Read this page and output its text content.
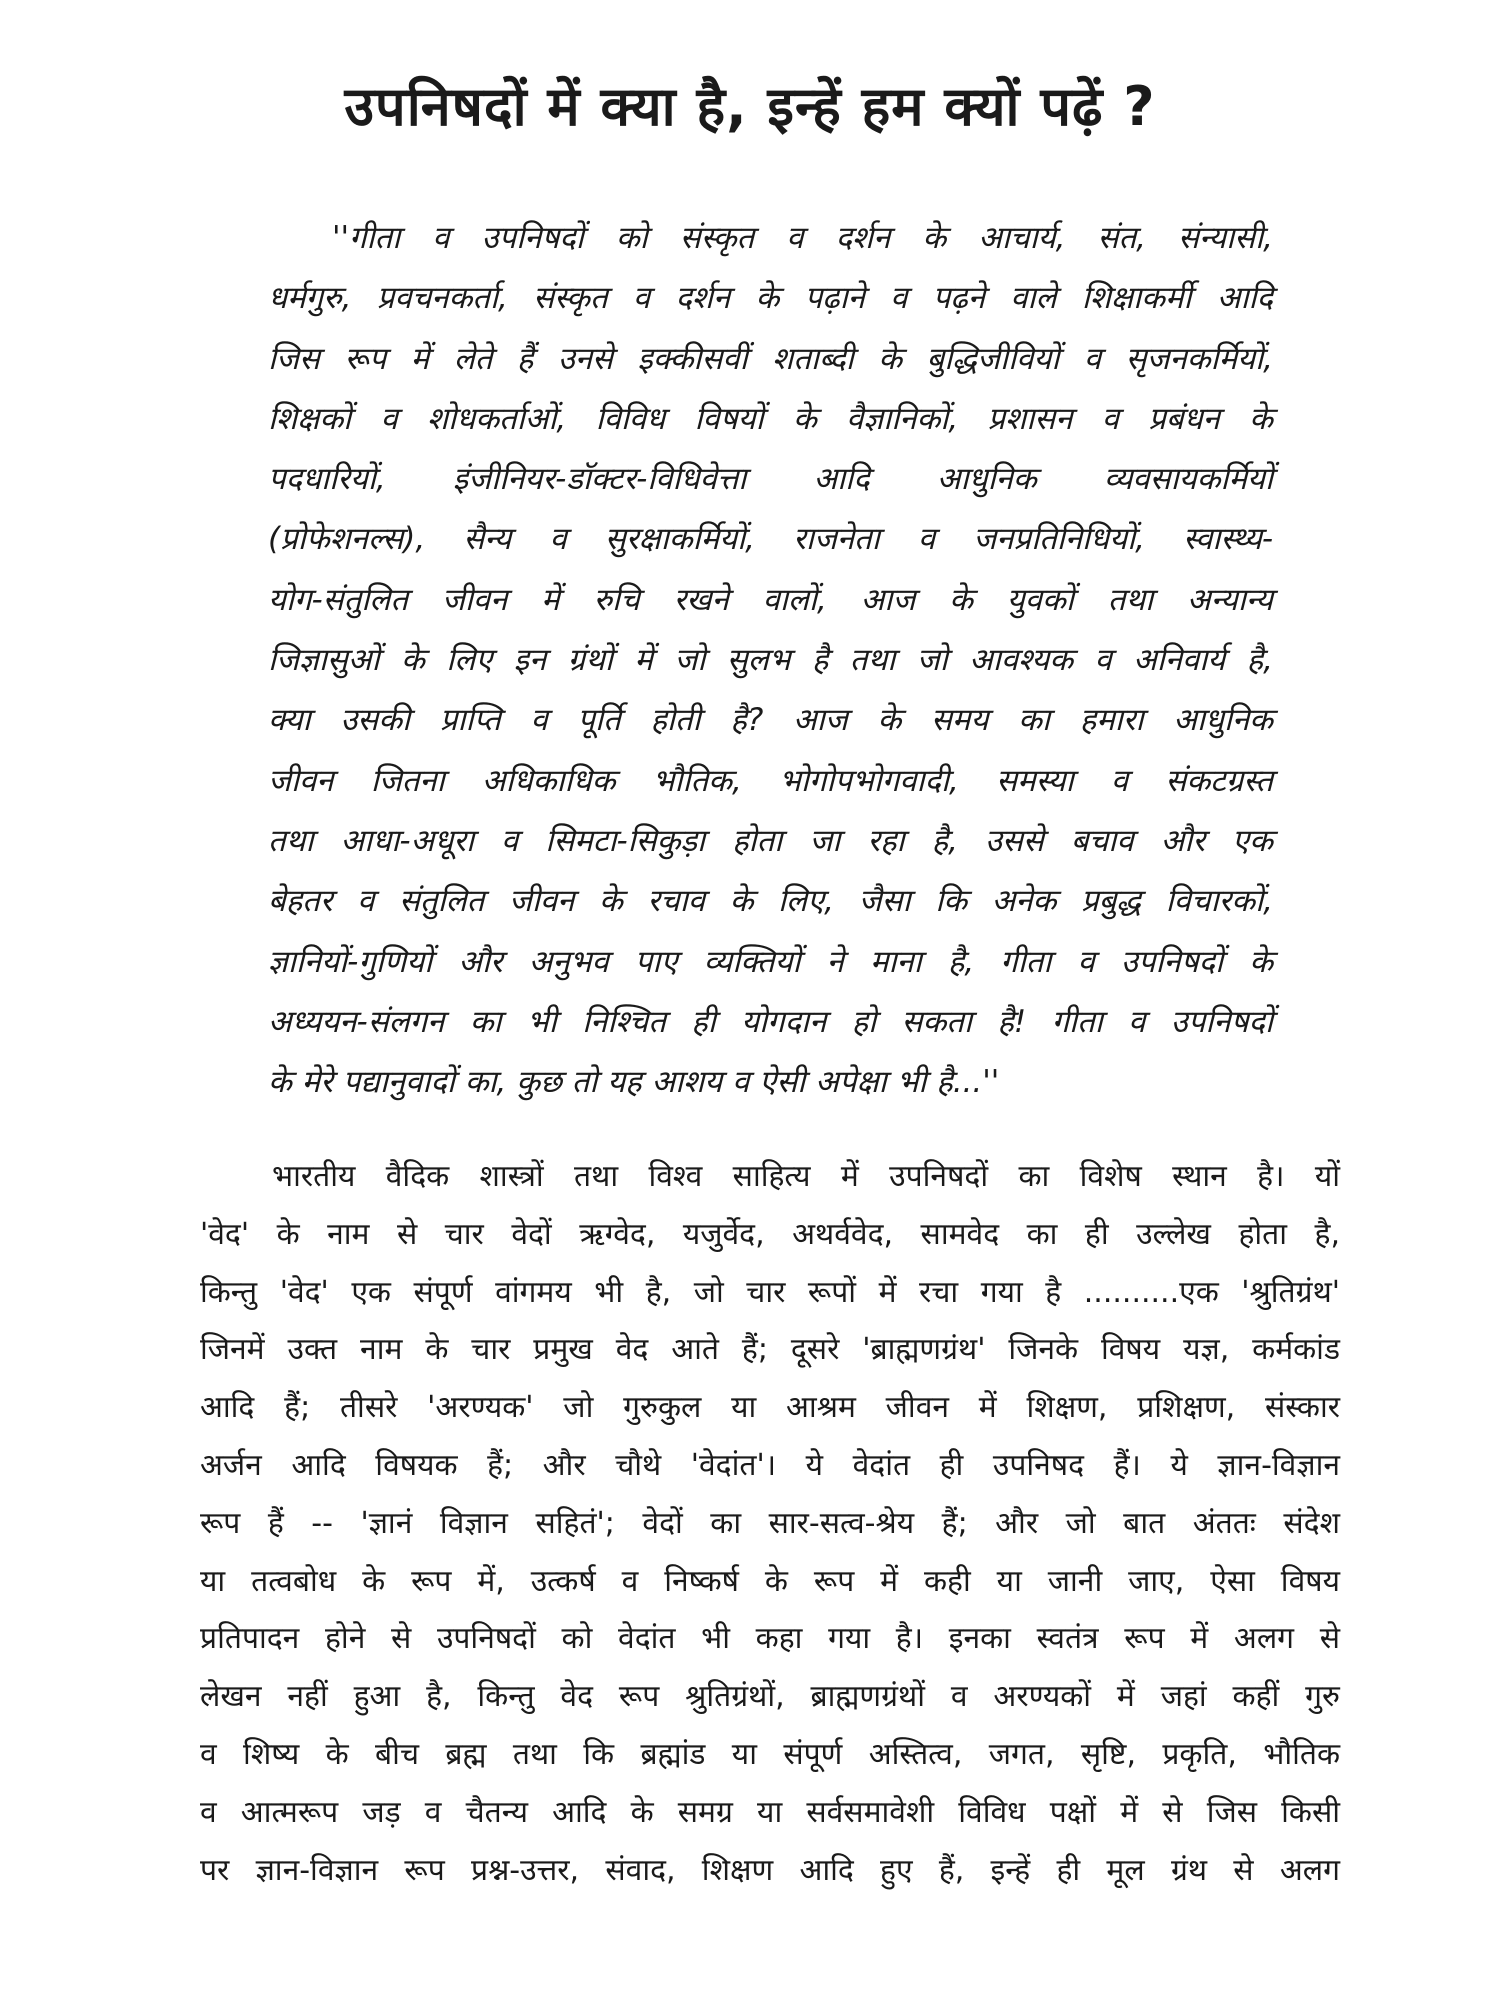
उपनिषदों में क्या है, इन्हें हम क्यों पढ़ें ?
''गीता व उपनिषदों को संस्कृत व दर्शन के आचार्य, संत, संन्यासी,
धर्मगुरु, प्रवचनकर्ता, संस्कृत व दर्शन के पढ़ाने व पढ़ने वाले शिक्षाकर्मी आदि
जिस रूप में लेते हैं उनसे इक्कीसवीं शताब्दी के बुद्धिजीवियों व सृजनकर्मियों,
शिक्षकों व शोधकर्ताओं, विविध विषयों के वैज्ञानिकों, प्रशासन व प्रबंधन के
पदधारियों, इंजीनियर-डॉक्टर-विधिवेत्ता आदि आधुनिक व्यवसायकर्मियों
(प्रोफेशनल्स), सैन्य व सुरक्षाकर्मियों, राजनेता व जनप्रतिनिधियों, स्वास्थ्य-
योग-संतुलित जीवन में रुचि रखने वालों, आज के युवकों तथा अन्यान्य
जिज्ञासुओं के लिए इन ग्रंथों में जो सुलभ है तथा जो आवश्यक व अनिवार्य है,
क्या उसकी प्राप्ति व पूर्ति होती है? आज के समय का हमारा आधुनिक
जीवन जितना अधिकाधिक भौतिक, भोगोपभोगवादी, समस्या व संकटग्रस्त
तथा आधा-अधूरा व सिमटा-सिकुड़ा होता जा रहा है, उससे बचाव और एक
बेहतर व संतुलित जीवन के रचाव के लिए, जैसा कि अनेक प्रबुद्ध विचारकों,
ज्ञानियों-गुणियों और अनुभव पाए व्यक्तियों ने माना है, गीता व उपनिषदों के
अध्ययन-संलगन का भी निश्चित ही योगदान हो सकता है! गीता व उपनिषदों
के मेरे पद्यानुवादों का, कुछ तो यह आशय व ऐसी अपेक्षा भी है...''
भारतीय वैदिक शास्त्रों तथा विश्व साहित्य में उपनिषदों का विशेष स्थान है। यों
'वेद' के नाम से चार वेदों ऋग्वेद, यजुर्वेद, अथर्ववेद, सामवेद का ही उल्लेख होता है,
किन्तु 'वेद' एक संपूर्ण वांगमय भी है, जो चार रूपों में रचा गया है ..........एक 'श्रुतिग्रंथ'
जिनमें उक्त नाम के चार प्रमुख वेद आते हैं; दूसरे 'ब्राह्मणग्रंथ' जिनके विषय यज्ञ, कर्मकांड
आदि हैं; तीसरे 'अरण्यक' जो गुरुकुल या आश्रम जीवन में शिक्षण, प्रशिक्षण, संस्कार
अर्जन आदि विषयक हैं; और चौथे 'वेदांत'। ये वेदांत ही उपनिषद हैं। ये ज्ञान-विज्ञान
रूप हैं -- 'ज्ञानं विज्ञान सहितं'; वेदों का सार-सत्व-श्रेय हैं; और जो बात अंततः संदेश
या तत्वबोध के रूप में, उत्कर्ष व निष्कर्ष के रूप में कही या जानी जाए, ऐसा विषय
प्रतिपादन होने से उपनिषदों को वेदांत भी कहा गया है। इनका स्वतंत्र रूप में अलग से
लेखन नहीं हुआ है, किन्तु वेद रूप श्रुतिग्रंथों, ब्राह्मणग्रंथों व अरण्यकों में जहां कहीं गुरु
व शिष्य के बीच ब्रह्म तथा कि ब्रह्मांड या संपूर्ण अस्तित्व, जगत, सृष्टि, प्रकृति, भौतिक
व आत्मरूप जड़ व चैतन्य आदि के समग्र या सर्वसमावेशी विविध पक्षों में से जिस किसी
पर ज्ञान-विज्ञान रूप प्रश्न-उत्तर, संवाद, शिक्षण आदि हुए हैं, इन्हें ही मूल ग्रंथ से अलग
